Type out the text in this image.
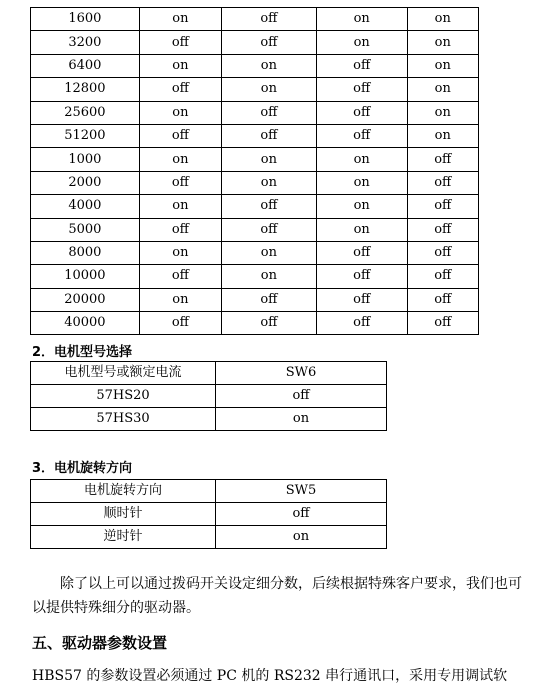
1600	on	off	on	on
3200	off	off	on	on
6400	on	on	off	on
12800	off	on	off	on
25600	on	off	off	on
51200	off	off	off	on
1000	on	on	on	off
2000	off	on	on	off
4000	on	off	on	off
5000	off	off	on	off
8000	on	on	off	off
10000	off	on	off	off
20000	on	off	off	off
40000	off	off	off	off
2．电机型号选择
电机型号或额定电流	SW6
57HS20	off
57HS30	on
3．电机旋转方向
电机旋转方向	SW5
顺时针	off
逆时针	on

除了以上可以通过拨码开关设定细分数，后续根据特殊客户要求，我们也可以提供特殊细分的驱动器。

五、驱动器参数设置

HBS57 的参数设置必须通过 PC 机的 RS232 串行通讯口，采用专用调试软
